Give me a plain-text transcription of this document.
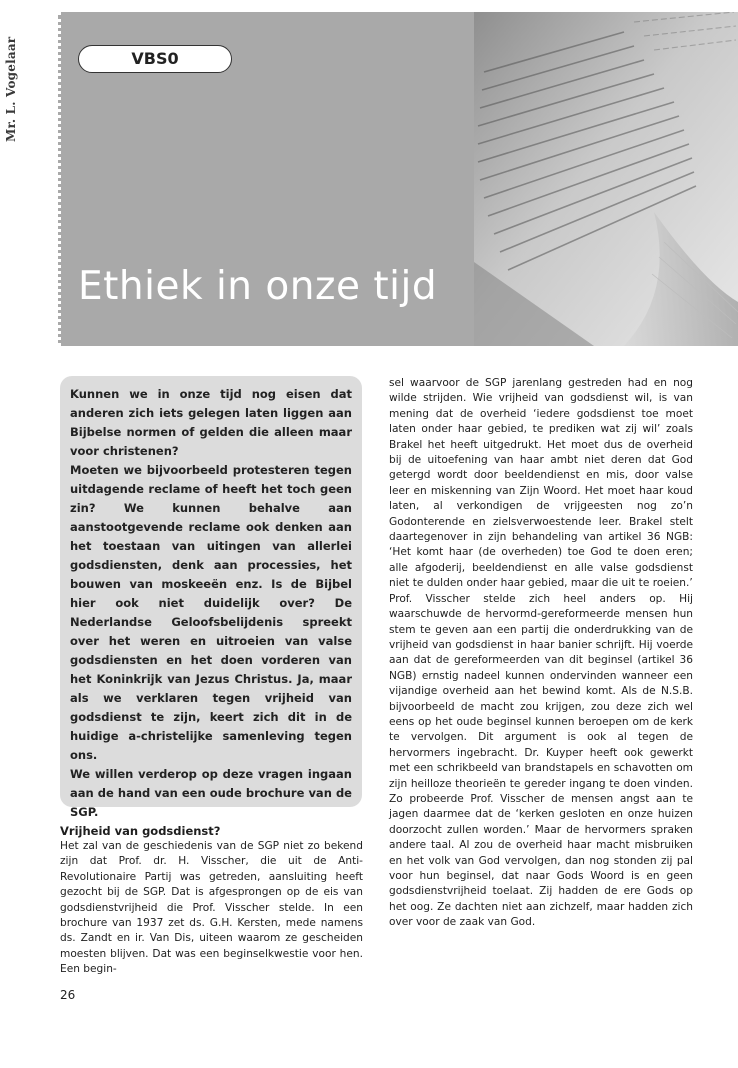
Mr. L. Vogelaar	VBS0
Ethiek in onze tijd

Kunnen we in onze tijd nog eisen dat anderen zich iets gelegen laten liggen aan Bijbelse normen of gelden die alleen maar voor christenen?

Moeten we bijvoorbeeld protesteren tegen uitdagende reclame of heeft het toch geen zin? We kunnen behalve aan aanstootgevende reclame ook denken aan het toestaan van uitingen van allerlei godsdiensten, denk aan processies, het bouwen van moskeeën enz. Is de Bijbel hier ook niet duidelijk over? De Nederlandse Geloofsbelijdenis spreekt over het weren en uitroeien van valse godsdiensten en het doen vorderen van het Koninkrijk van Jezus Christus. Ja, maar als we verklaren tegen vrijheid van godsdienst te zijn, keert zich dit in de huidige a-christelijke samenleving tegen ons.

We willen verderop op deze vragen ingaan aan de hand van een oude brochure van de SGP.

Vrijheid van godsdienst?

Het zal van de geschiedenis van de SGP niet zo bekend zijn dat Prof. dr. H. Visscher, die uit de Anti-Revolutionaire Partij was getreden, aansluiting heeft gezocht bij de SGP. Dat is afgesprongen op de eis van godsdienstvrijheid die Prof. Visscher stelde. In een brochure van 1937 zet ds. G.H. Kersten, mede namens ds. Zandt en ir. Van Dis, uiteen waarom ze gescheiden moesten blijven. Dat was een beginselkwestie voor hen. Een begin-

sel waarvoor de SGP jarenlang gestreden had en nog wilde strijden. Wie vrijheid van godsdienst wil, is van mening dat de overheid ‘iedere godsdienst toe moet laten onder haar gebied, te prediken wat zij wil’ zoals Brakel het heeft uitgedrukt. Het moet dus de overheid bij de uitoefening van haar ambt niet deren dat God getergd wordt door beeldendienst en mis, door valse leer en miskenning van Zijn Woord. Het moet haar koud laten, al verkondigen de vrijgeesten nog zo’n Godonterende en zielsverwoestende leer. Brakel stelt daartegenover in zijn behandeling van artikel 36 NGB: ‘Het komt haar (de overheden) toe God te doen eren; alle afgoderij, beeldendienst en alle valse godsdienst niet te dulden onder haar gebied, maar die uit te roeien.’

Prof. Visscher stelde zich heel anders op. Hij waarschuwde de hervormd-gereformeerde mensen hun stem te geven aan een partij die onderdrukking van de vrijheid van godsdienst in haar banier schrijft. Hij voerde aan dat de gereformeerden van dit beginsel (artikel 36 NGB) ernstig nadeel kunnen ondervinden wanneer een vijandige overheid aan het bewind komt. Als de N.S.B. bijvoorbeeld de macht zou krijgen, zou deze zich wel eens op het oude beginsel kunnen beroepen om de kerk te vervolgen. Dit argument is ook al tegen de hervormers ingebracht. Dr. Kuyper heeft ook gewerkt met een schrikbeeld van brandstapels en schavotten om zijn heilloze theorieën te gereder ingang te doen vinden. Zo probeerde Prof. Visscher de mensen angst aan te jagen daarmee dat de ‘kerken gesloten en onze huizen doorzocht zullen worden.’ Maar de hervormers spraken andere taal. Al zou de overheid haar macht misbruiken en het volk van God vervolgen, dan nog stonden zij pal voor hun beginsel, dat naar Gods Woord is en geen godsdienstvrijheid toelaat. Zij hadden de ere Gods op het oog. Ze dachten niet aan zichzelf, maar hadden zich over voor de zaak van God.

26
